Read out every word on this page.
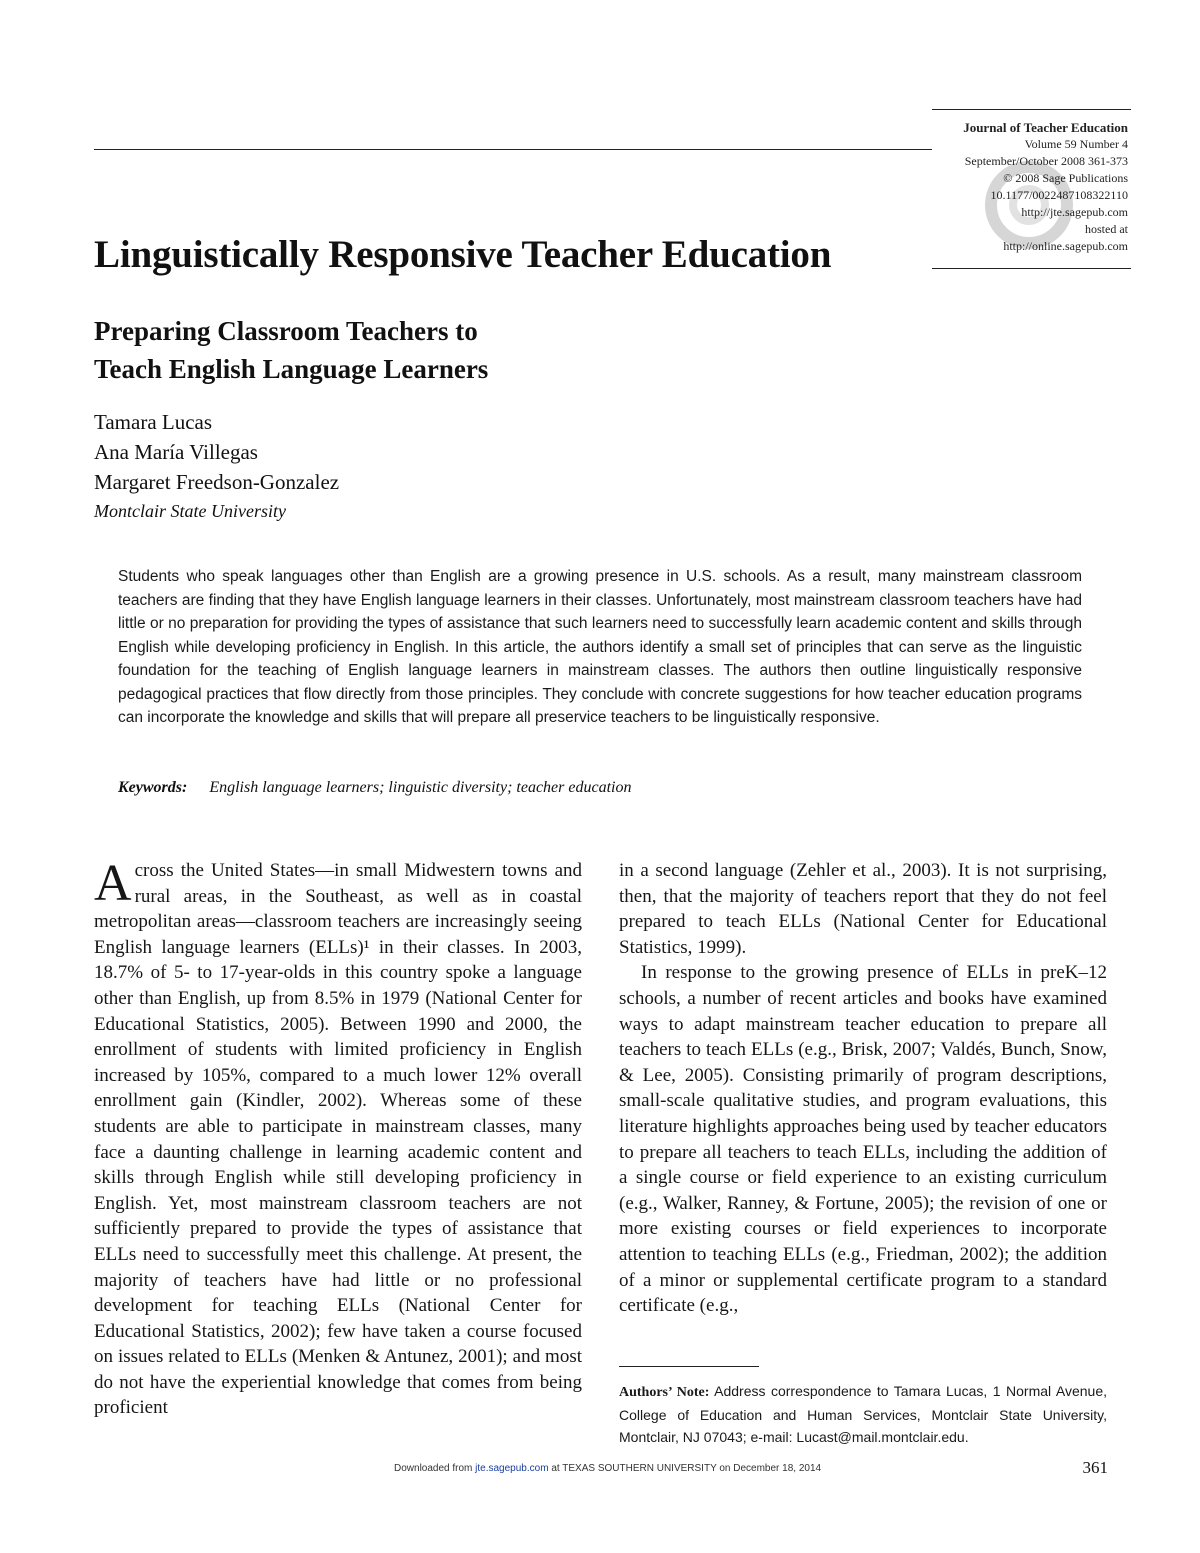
Journal of Teacher Education
Volume 59 Number 4
September/October 2008 361-373
© 2008 Sage Publications
10.1177/0022487108322110
http://jte.sagepub.com
hosted at
http://online.sagepub.com
Linguistically Responsive Teacher Education
Preparing Classroom Teachers to
Teach English Language Learners
Tamara Lucas
Ana María Villegas
Margaret Freedson-Gonzalez
Montclair State University
Students who speak languages other than English are a growing presence in U.S. schools. As a result, many mainstream classroom teachers are finding that they have English language learners in their classes. Unfortunately, most mainstream classroom teachers have had little or no preparation for providing the types of assistance that such learners need to successfully learn academic content and skills through English while developing proficiency in English. In this article, the authors identify a small set of principles that can serve as the linguistic foundation for the teaching of English language learners in mainstream classes. The authors then outline linguistically responsive pedagogical practices that flow directly from those principles. They conclude with concrete suggestions for how teacher education programs can incorporate the knowledge and skills that will prepare all preservice teachers to be linguistically responsive.
Keywords: English language learners; linguistic diversity; teacher education

Across the United States—in small Midwestern towns and rural areas, in the Southeast, as well as in coastal metropolitan areas—classroom teachers are increasingly seeing English language learners (ELLs)¹ in their classes. In 2003, 18.7% of 5- to 17-year-olds in this country spoke a language other than English, up from 8.5% in 1979 (National Center for Educational Statistics, 2005). Between 1990 and 2000, the enrollment of students with limited proficiency in English increased by 105%, compared to a much lower 12% overall enrollment gain (Kindler, 2002). Whereas some of these students are able to participate in mainstream classes, many face a daunting challenge in learning academic content and skills through English while still developing proficiency in English. Yet, most mainstream classroom teachers are not sufficiently prepared to provide the types of assistance that ELLs need to successfully meet this challenge. At present, the majority of teachers have had little or no professional development for teaching ELLs (National Center for Educational Statistics, 2002); few have taken a course focused on issues related to ELLs (Menken & Antunez, 2001); and most do not have the experiential knowledge that comes from being proficient

in a second language (Zehler et al., 2003). It is not surprising, then, that the majority of teachers report that they do not feel prepared to teach ELLs (National Center for Educational Statistics, 1999).

In response to the growing presence of ELLs in preK–12 schools, a number of recent articles and books have examined ways to adapt mainstream teacher education to prepare all teachers to teach ELLs (e.g., Brisk, 2007; Valdés, Bunch, Snow, & Lee, 2005). Consisting primarily of program descriptions, small-scale qualitative studies, and program evaluations, this literature highlights approaches being used by teacher educators to prepare all teachers to teach ELLs, including the addition of a single course or field experience to an existing curriculum (e.g., Walker, Ranney, & Fortune, 2005); the revision of one or more existing courses or field experiences to incorporate attention to teaching ELLs (e.g., Friedman, 2002); the addition of a minor or supplemental certificate program to a standard certificate (e.g.,

Authors’ Note: Address correspondence to Tamara Lucas, 1 Normal Avenue, College of Education and Human Services, Montclair State University, Montclair, NJ 07043; e-mail: Lucast@mail.montclair.edu.
Downloaded from jte.sagepub.com at TEXAS SOUTHERN UNIVERSITY on December 18, 2014	361
